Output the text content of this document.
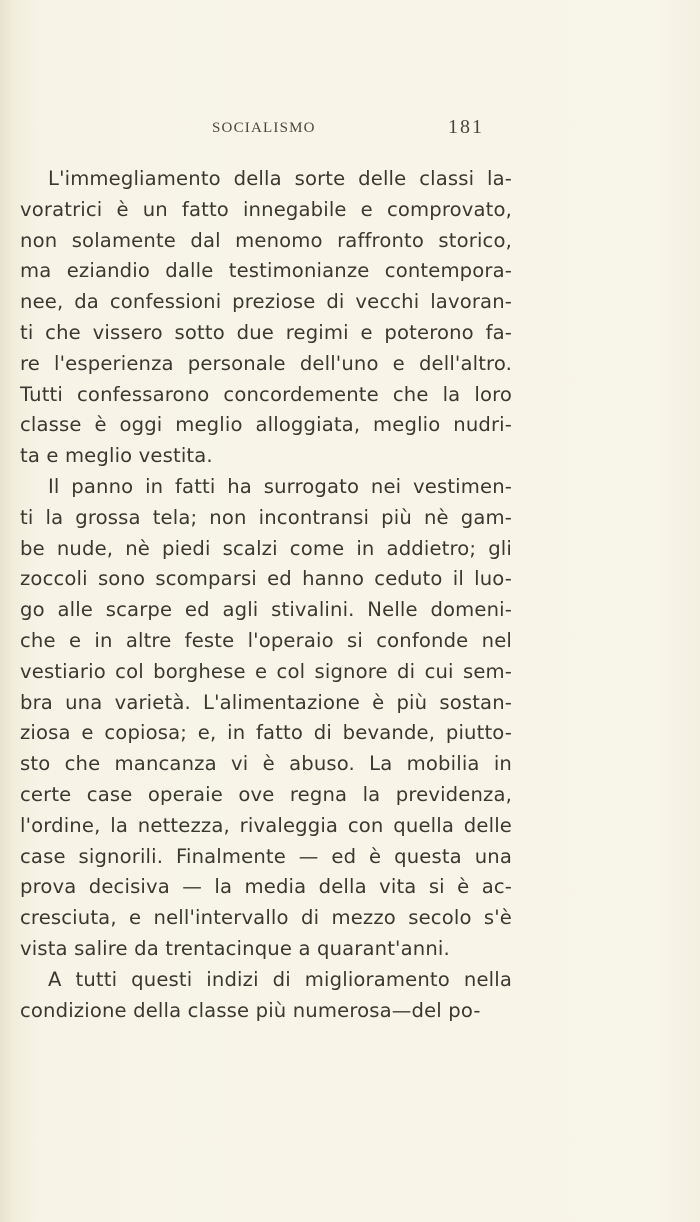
SOCIALISMO	181
L'immegliamento della sorte delle classi la-
voratrici è un fatto innegabile e comprovato,
non solamente dal menomo raffronto storico,
ma eziandio dalle testimonianze contempora-
nee, da confessioni preziose di vecchi lavoran-
ti che vissero sotto due regimi e poterono fa-
re l'esperienza personale dell'uno e dell'altro.
Tutti confessarono concordemente che la loro
classe è oggi meglio alloggiata, meglio nudri-
ta e meglio vestita.
Il panno in fatti ha surrogato nei vestimen-
ti la grossa tela; non incontransi più nè gam-
be nude, nè piedi scalzi come in addietro; gli
zoccoli sono scomparsi ed hanno ceduto il luo-
go alle scarpe ed agli stivalini. Nelle domeni-
che e in altre feste l'operaio si confonde nel
vestiario col borghese e col signore di cui sem-
bra una varietà. L'alimentazione è più sostan-
ziosa e copiosa; e, in fatto di bevande, piutto-
sto che mancanza vi è abuso. La mobilia in
certe case operaie ove regna la previdenza,
l'ordine, la nettezza, rivaleggia con quella delle
case signorili. Finalmente — ed è questa una
prova decisiva — la media della vita si è ac-
cresciuta, e nell'intervallo di mezzo secolo s'è
vista salire da trentacinque a quarant'anni.
A tutti questi indizi di miglioramento nella
condizione della classe più numerosa—del po-
